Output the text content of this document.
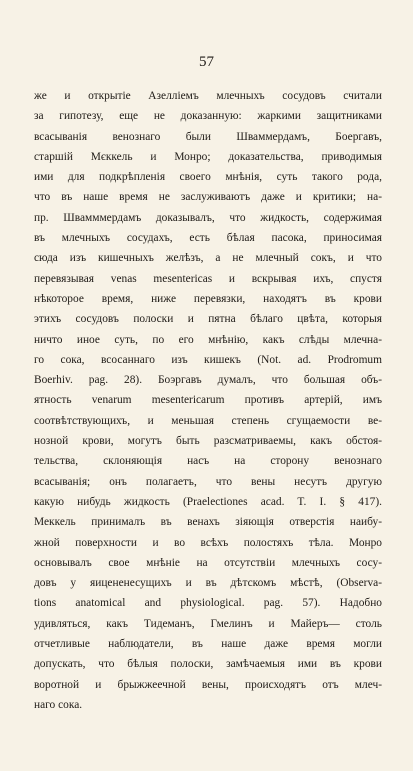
57
же и открытіе Азелліемъ млечныхъ сосудовъ считали
за гипотезу, еще не доказанную: жаркими защитниками
всасыванія венознаго были Шваммердамъ, Боергавъ,
старшій Мєккель и Монро; доказательства, приводимыя
ими для подкрѣпленія своего мнѣнія, суть такого рода,
что въ наше время не заслуживаютъ даже и критики; на-
пр. Швамммердамъ доказывалъ, что жидкость, содержимая
въ млечныхъ сосудахъ, есть бѣлая пасока, приносимая
сюда изъ кишечныхъ желѣзъ, а не млечный сокъ, и что
перевязывая venas mesentericas и вскрывая ихъ, спустя
нѣкоторое время, ниже перевязки, находятъ въ крови
этихъ сосудовъ полоски и пятна бѣлаго цвѣта, которыя
ничто иное суть, по его мнѣнію, какъ слѣды млечна-
го сока, всосаннаго изъ кишекъ (Not. ad. Prodromum
Boerhiv. pag. 28). Боэргавъ думалъ, что большая объ-
ятность venarum mesentericarum противъ артерій, имъ
соотвѣтствующихъ, и меньшая степень сгущаемости ве-
нозной крови, могутъ быть разсматриваемы, какъ обстоя-
тельства, склоняющія насъ на сторону венознаго
всасыванія; онъ полагаетъ, что вены несутъ другую
какую нибудь жидкость (Praelectiones acad. T. I. § 417).
Меккель принималъ въ венахъ зіяющія отверстія наибу-
жной поверхности и во всѣхъ полостяхъ тѣла. Монро
основывалъ свое мнѣніе на отсутствіи млечныхъ сосу-
довъ у яицененесущихъ и въ дѣтскомъ мѣстѣ, (Observa-
tions anatomical and physiological. pag. 57). Надобно
удивляться, какъ Тидеманъ, Гмелинъ и Майеръ— столь
отчетливые наблюдатели, въ наше даже время могли
допускать, что бѣлыя полоски, замѣчаемыя ими въ крови
воротной и брыжжеечной вены, происходятъ отъ млеч-
наго сока.
